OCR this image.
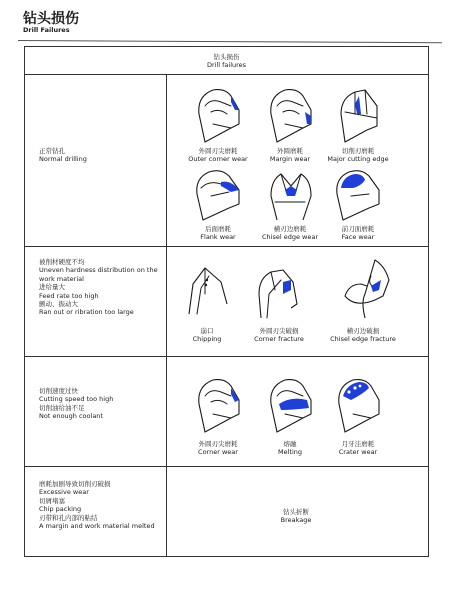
钻头损伤
Drill Failures
钻头损伤
Drill failures
正常钻孔
Normal drilling
外圆刃尖磨耗
Outer corner wear
外圆磨耗
Margin wear
切削刃磨耗
Major cutting edge
后面磨耗
Flank wear
横刃边磨耗
Chisel edge wear
前刀面磨耗
Face wear
被削材硬度不均
Uneven hardness distribution on the work material
进给量大
Feed rate too high
颤动、振动大
Ran out or ribration too large
崩口
Chipping
外圆刃尖破损
Corner fracture
横刃边破损
Chisel edge fracture
切削速度过快
Cutting speed too high
切削油给油不足
Not enough coolant
外圆刃尖磨耗
Corner wear
熔融
Melting
月牙洼磨耗
Crater wear
磨耗加剧导致切削刃破损
Excessive wear
切屑堵塞
Chip packing
刃带和孔内部的粘结
A margin and work material melted
钻头折断
Breakage
